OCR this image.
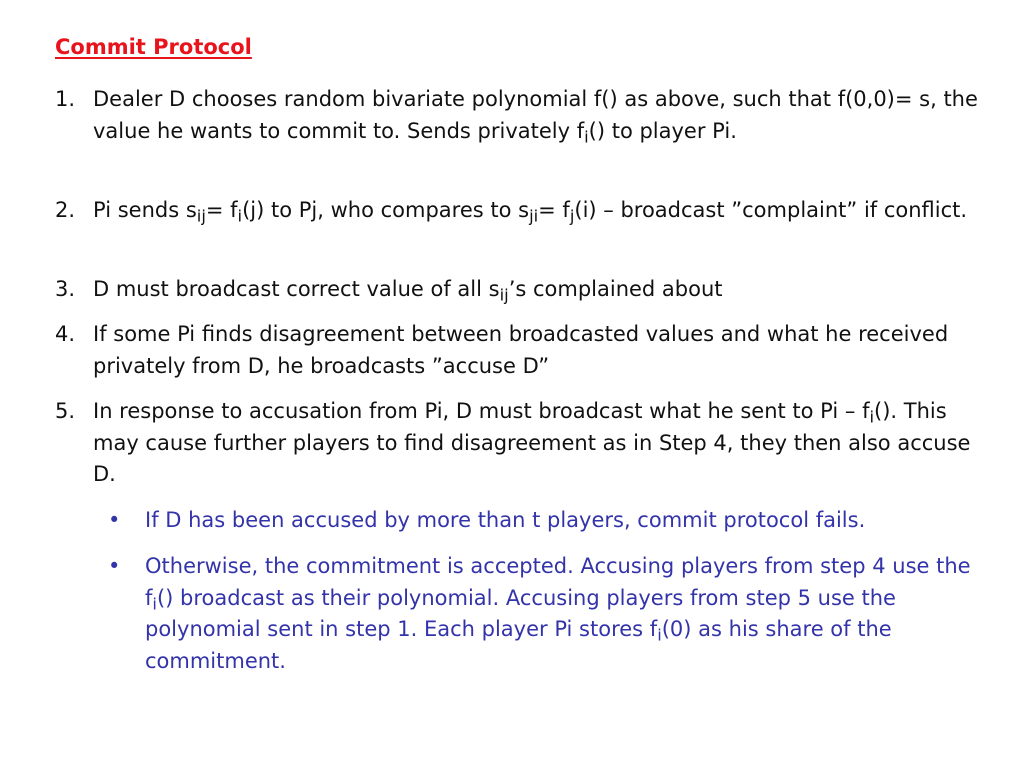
Commit Protocol
1. Dealer D chooses random bivariate polynomial f() as above, such that f(0,0)= s, the value he wants to commit to. Sends privately $f_i()$ to player Pi.
2. Pi sends $s_{ij}= f_i(j)$ to Pj, who compares to $s_{ji}= f_j(i)$ – broadcast ”complaint” if conflict.
3. D must broadcast correct value of all $s_{ij}’s$ complained about
4. If some Pi finds disagreement between broadcasted values and what he received privately from D, he broadcasts ”accuse D”
5. In response to accusation from Pi, D must broadcast what he sent to Pi – $f_i()$. This may cause further players to find disagreement as in Step 4, they then also accuse D.
• If D has been accused by more than t players, commit protocol fails.
• Otherwise, the commitment is accepted. Accusing players from step 4 use the $f_i()$ broadcast as their polynomial. Accusing players from step 5 use the polynomial sent in step 1. Each player Pi stores $f_i(0)$ as his share of the commitment.
